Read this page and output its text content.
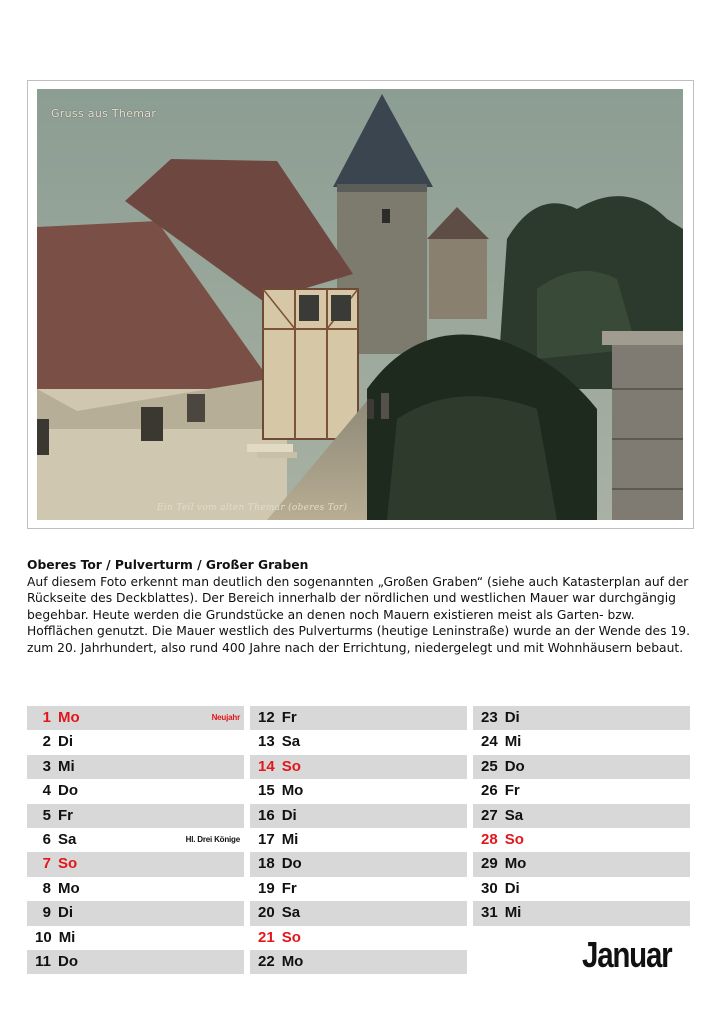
Gruss aus Themar
Ein Teil vom alten Themar (oberes Tor)

Oberes Tor / Pulverturm / Großer Graben

Auf diesem Foto erkennt man deutlich den sogenannten „Großen Graben“ (siehe auch Katasterplan auf der Rückseite des Deckblattes). Der Bereich innerhalb der nördlichen und westlichen Mauer war durchgängig begehbar. Heute werden die Grundstücke an denen noch Mauern existieren meist als Garten- bzw. Hofflächen genutzt. Die Mauer westlich des Pulverturms (heutige Leninstraße) wurde an der Wende des 19. zum 20. Jahrhundert, also rund 400 Jahre nach der Errichtung, niedergelegt und mit Wohnhäusern bebaut.

1 Mo	Neujahr
2 Di
3 Mi
4 Do
5 Fr
6 Sa	Hl. Drei Könige
7 So
8 Mo
9 Di
10 Mi
11 Do
12 Fr
13 Sa
14 So
15 Mo
16 Di
17 Mi
18 Do
19 Fr
20 Sa
21 So
22 Mo
23 Di
24 Mi
25 Do
26 Fr
27 Sa
28 So
29 Mo
30 Di
31 Mi
Januar
